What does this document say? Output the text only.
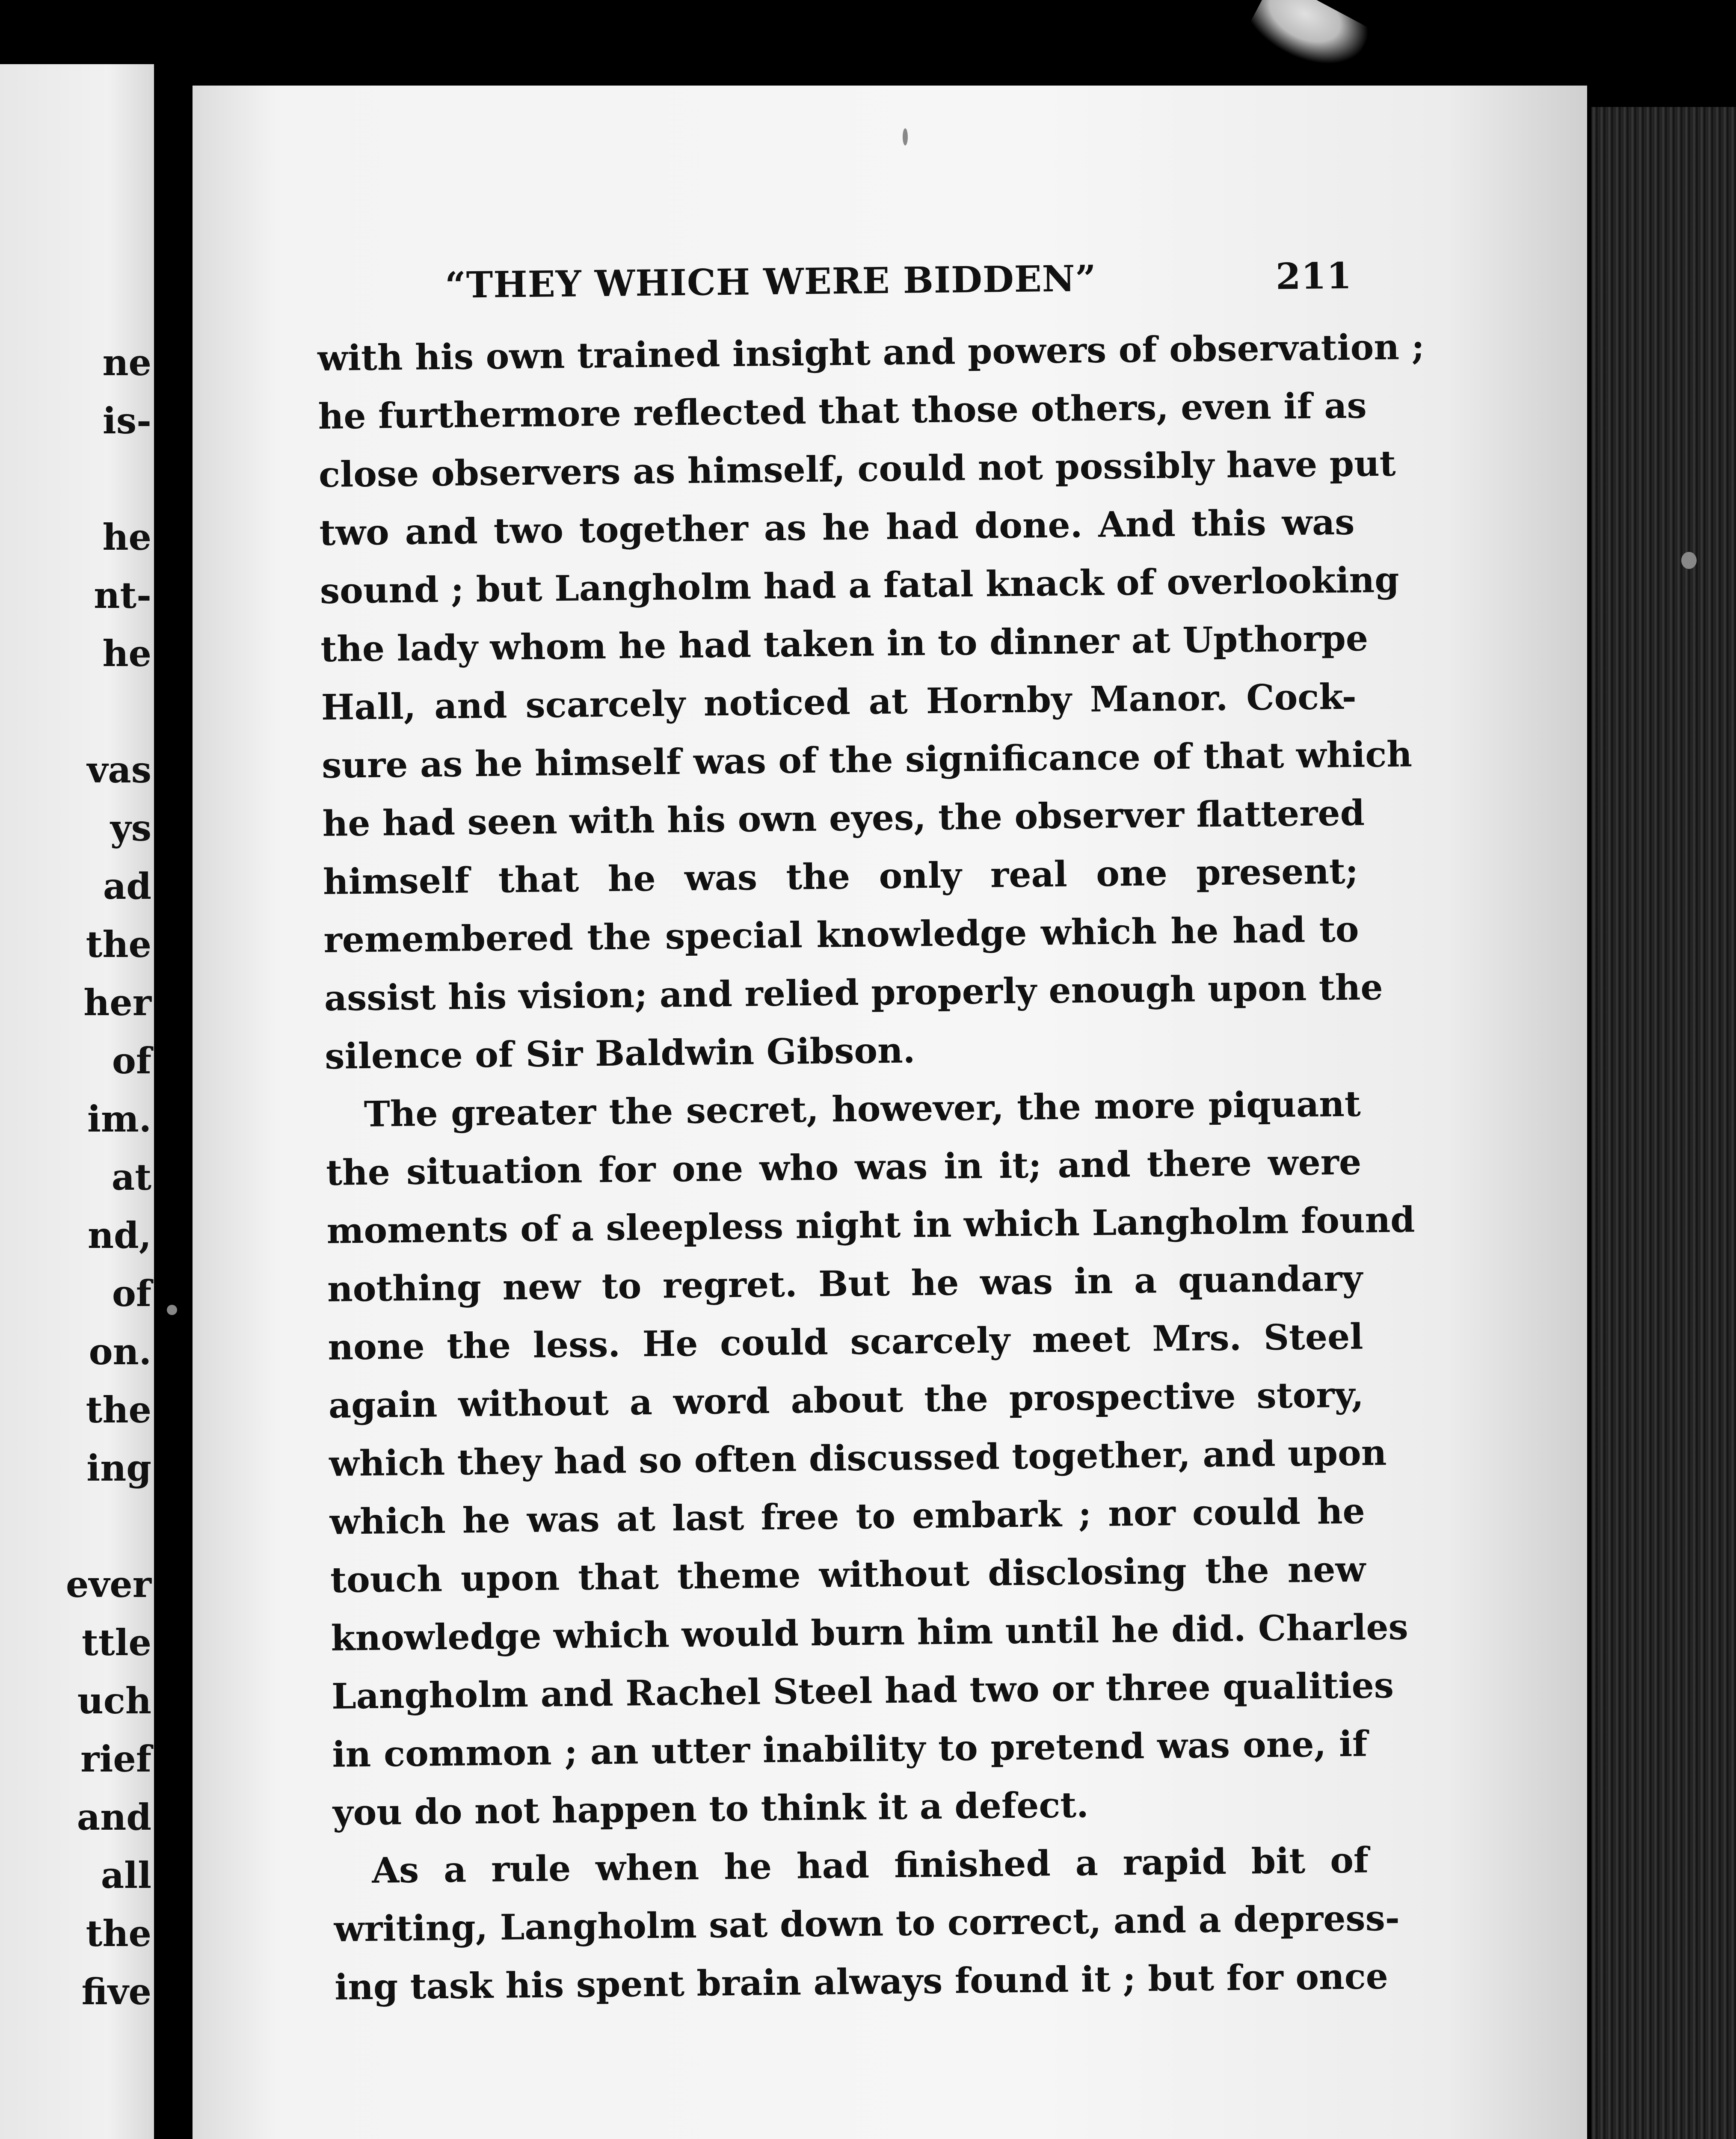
ne
is-
he
nt-
he
vas
ys
ad
the
her
of
im.
at
nd,
of
on.
the
ing
ever
ttle
uch
rief
and
all
the
five
“THEY WHICH WERE BIDDEN”	211

with his own trained insight and powers of observation ;
he furthermore reflected that those others, even if as
close observers as himself, could not possibly have put
two and two together as he had done. And this was
sound ; but Langholm had a fatal knack of overlooking
the lady whom he had taken in to dinner at Upthorpe
Hall, and scarcely noticed at Hornby Manor. Cock-
sure as he himself was of the significance of that which
he had seen with his own eyes, the observer flattered
himself that he was the only real one present;
remembered the special knowledge which he had to
assist his vision; and relied properly enough upon the
silence of Sir Baldwin Gibson.

The greater the secret, however, the more piquant
the situation for one who was in it; and there were
moments of a sleepless night in which Langholm found
nothing new to regret. But he was in a quandary
none the less. He could scarcely meet Mrs. Steel
again without a word about the prospective story,
which they had so often discussed together, and upon
which he was at last free to embark ; nor could he
touch upon that theme without disclosing the new
knowledge which would burn him until he did. Charles
Langholm and Rachel Steel had two or three qualities
in common ; an utter inability to pretend was one, if
you do not happen to think it a defect.

As a rule when he had finished a rapid bit of
writing, Langholm sat down to correct, and a depress-
ing task his spent brain always found it ; but for once
